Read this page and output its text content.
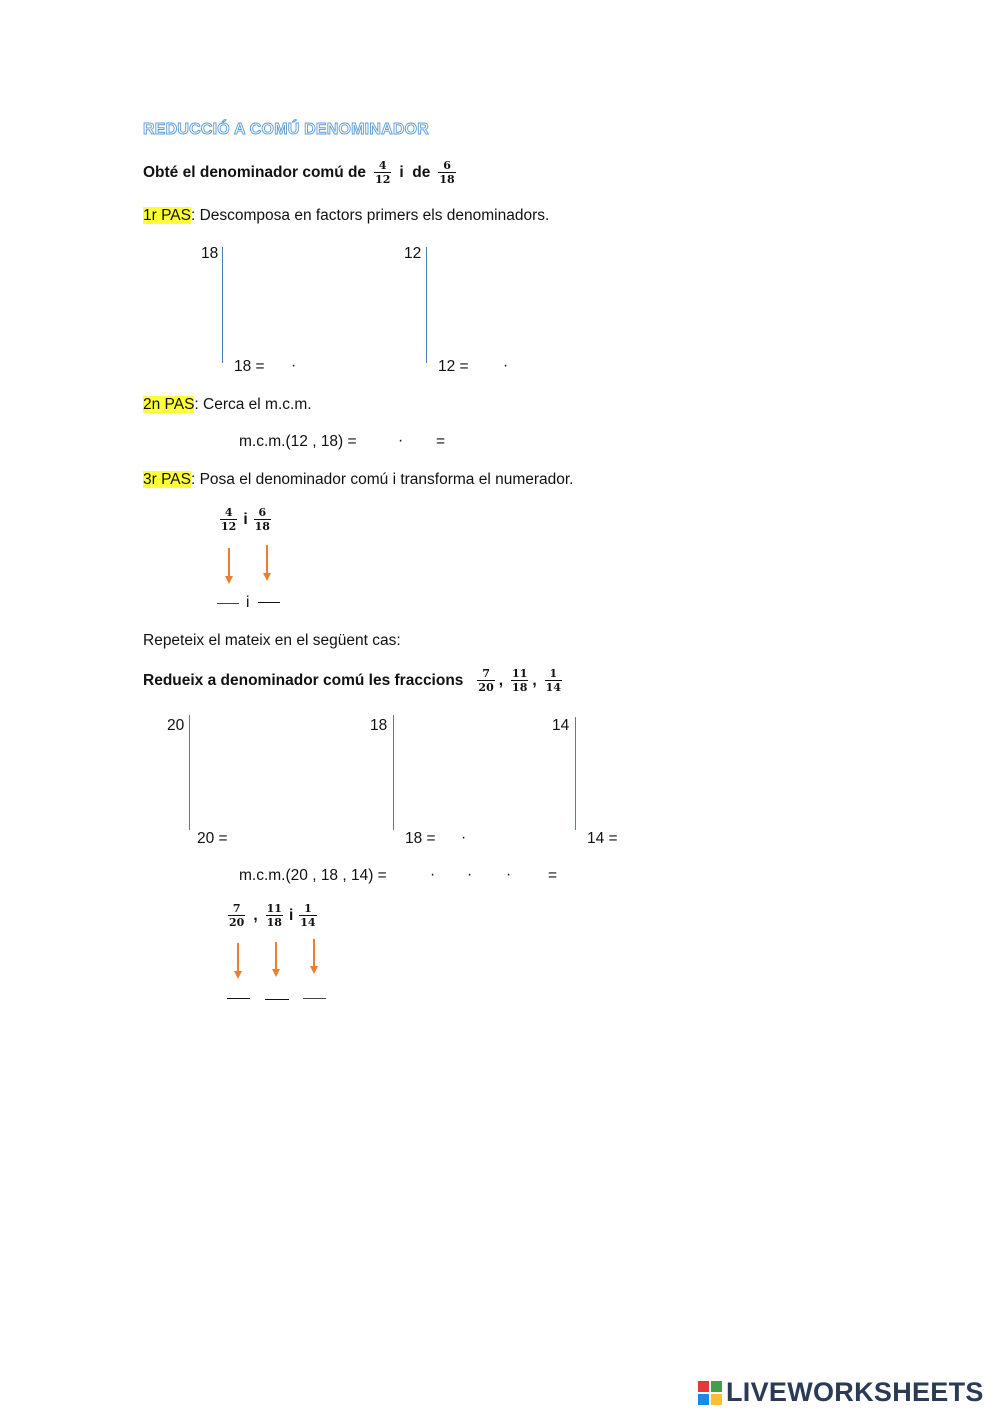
REDUCCIÓ A COMÚ DENOMINADOR
Obté el denominador comú de $\frac{4}{12}$ i  de $\frac{6}{18}$
1r PAS: Descomposa en factors primers els denominadors.
18
18 = ·
12
12 = ·
2n PAS: Cerca el m.c.m.
m.c.m.(12 , 18) =	· =
3r PAS: Posa el denominador comú i transforma el numerador.
$\frac{4}{12}$ i $\frac{6}{18}$
i
Repeteix el mateix en el següent cas:
Redueix a denominador comú les fraccions $\frac{7}{20}$ , $\frac{11}{18}$ , $\frac{1}{14}$
20
20 =
18
18 = ·
14
14 =
m.c.m.(20 , 18 , 14) =	· · · =
$\frac{7}{20}$ , $\frac{11}{18}$ i $\frac{1}{14}$
LIVEWORKSHEETS
